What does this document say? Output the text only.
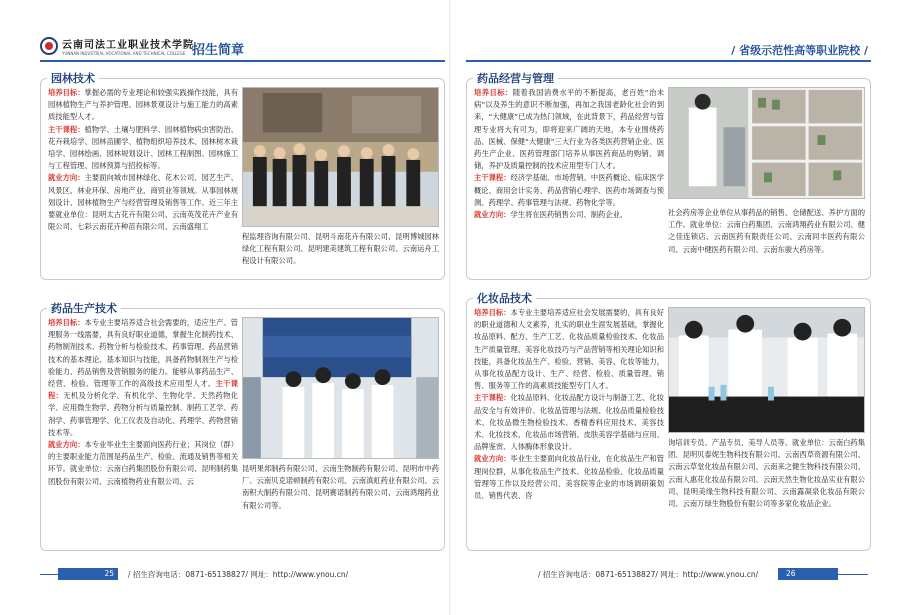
云南司法工业职业技术学院
YUNNAN INDUSTRIAL VOCATIONAL AND TECHNICAL COLLEGE 招生简章
园林技术
培养目标：掌握必需的专业理论和较强实践操作技能，具有园林植物生产与养护管理、园林景观设计与施工能力的高素质技能型人才。
主干课程：植物学、土壤与肥料学、园林植物病虫害防治、花卉栽培学、园林苗圃学、植物组织培养技术、园林树木栽培学、园林绘画、园林规划设计、园林工程制图、园林施工与工程管理、园林预算与招投标等。
就业方向：主要面向城市园林绿化、花木公司、园艺生产、风景区、林业环保、房地产业、商贸业等领域。从事园林规划设计、园林植物生产与经营管理及销售等工作。近三年主要就业单位：昆明太古花卉有限公司、云南英茂花卉产业有限公司、七彩云南花卉种苗有限公司、云南盛翔工
程监理咨询有限公司、昆明斗南花卉有限公司、昆明博城园林绿化工程有限公司、昆明建美建筑工程有限公司、云南运舟工程设计有限公司。
药品生产技术
培养目标：本专业主要培养适合社会需要的，适应生产、管理服务一线需要，具有良好职业道德，掌握生化制药技术、药物制剂技术、药物分析与检验技术、药事管理、药品营销技术的基本理论、基本知识与技能，具备药物制剂生产与检验能力、药品销售及营销服务的能力。能够从事药品生产、经营、检验、管理等工作的高级技术应用型人才。主干课程：无机及分析化学、有机化学、生物化学、天然药物化学、应用微生物学、药物分析与质量控制、制药工艺学、药剂学、药事管理学、化工仪表及自动化、药理学、药物营销技术等。
就业方向：本专业毕业生主要面向医药行业；其岗位（群）的主要职业能力范围是药品生产、检验、流通及销售等相关环节。就业单位：云南白药集团股份有限公司、昆明制药集团股份有限公司、云南植物药业有限公司、云
昆明果邦制药有限公司、云南生物制药有限公司、昆明市中药厂、云南贝克诺顿制药有限公司、云南滇虹药业有限公司、云南积大制药有限公司、昆明赛诺制药有限公司、云南鸿翔药业有限公司等。
25	/ 招生咨询电话：0871-65138827/ 网址：http://www.ynou.cn/
/ 省级示范性高等职业院校 /
药品经营与管理
培养目标：随着我国消费水平的不断提高，老百姓“治未病”以及养生的意识不断加强，再加之我国老龄化社会的到来，“大健康”已成为热门领域，在此背景下，药品经营与管理专业将大有可为，即将迎来广阔的天地，本专业围绕药品、医械、保健“大健康”三大行业为各类医药营销企业、医药生产企业、医药管理部门培养从事医药商品的购销、调储，养护及质量控制的技术应用型专门人才。
主干课程：经济学基础、市场营销、中医药概论、临床医学概论、商用会计实务、药品营销心理学、医药市场调查与预测、药理学、药事管理与法规、药物化学等。
就业方向：学生将在医药销售公司、制药企业、	社会药房等企业单位从事药品的销售、仓储配送、养护方面的工作。就业单位：云南白药集团、云南鸿翔药业有限公司、健之佳连锁店、云南医药有限责任公司、云南同丰医药有限公司、云南中健医药有限公司、云南东骏大药房等。
化妆品技术
培养目标：本专业主要培养适应社会发展需要的，具有良好的职业道德和人文素养，扎实的职业生涯发展基础，掌握化妆品原料、配方、生产工艺、化妆品质量检验技术、化妆品生产质量管理、美容化妆技巧与产品营销等相关理论知识和技能，具备化妆品生产、检验、营销、美容、化妆等能力，从事化妆品配方设计、生产、经营、检验、质量管理、销售、服务等工作的高素质技能型专门人才。
主干课程：化妆品原料、化妆品配方设计与制备工艺、化妆品安全与有效评价、化妆品管理与法规、化妆品质量检验技术、化妆品微生物检验技术、香精香料应用技术、美容技术、化妆技术、化妆品市场营销、皮肤美容学基础与应用、品牌鉴赏、人体酶体形象设计。
就业方向：毕业生主要面向化妆品行业，在化妆品生产和管理岗位群，从事化妆品生产技术、化妆品检验、化妆品质量管理等工作以及经营公司、美容院等企业的市场调研策划员、销售代表、咨
询培训专员、产品专员、美导人员等。就业单位：云南白药集团、昆明贝泰妮生物科技有限公司、云南西草资源有限公司、云南云草堂化妆品有限公司、云南来之健生物科技有限公司、云南人惠花化妆品有限公司、云南天然生物化妆品实业有限公司、昆明美缘生物科技有限公司、云南露凝泉化妆品有限公司、云南万绿生物股份有限公司等多家化妆品企业。
/ 招生咨询电话：0871-65138827/ 网址：http://www.ynou.cn/	26
